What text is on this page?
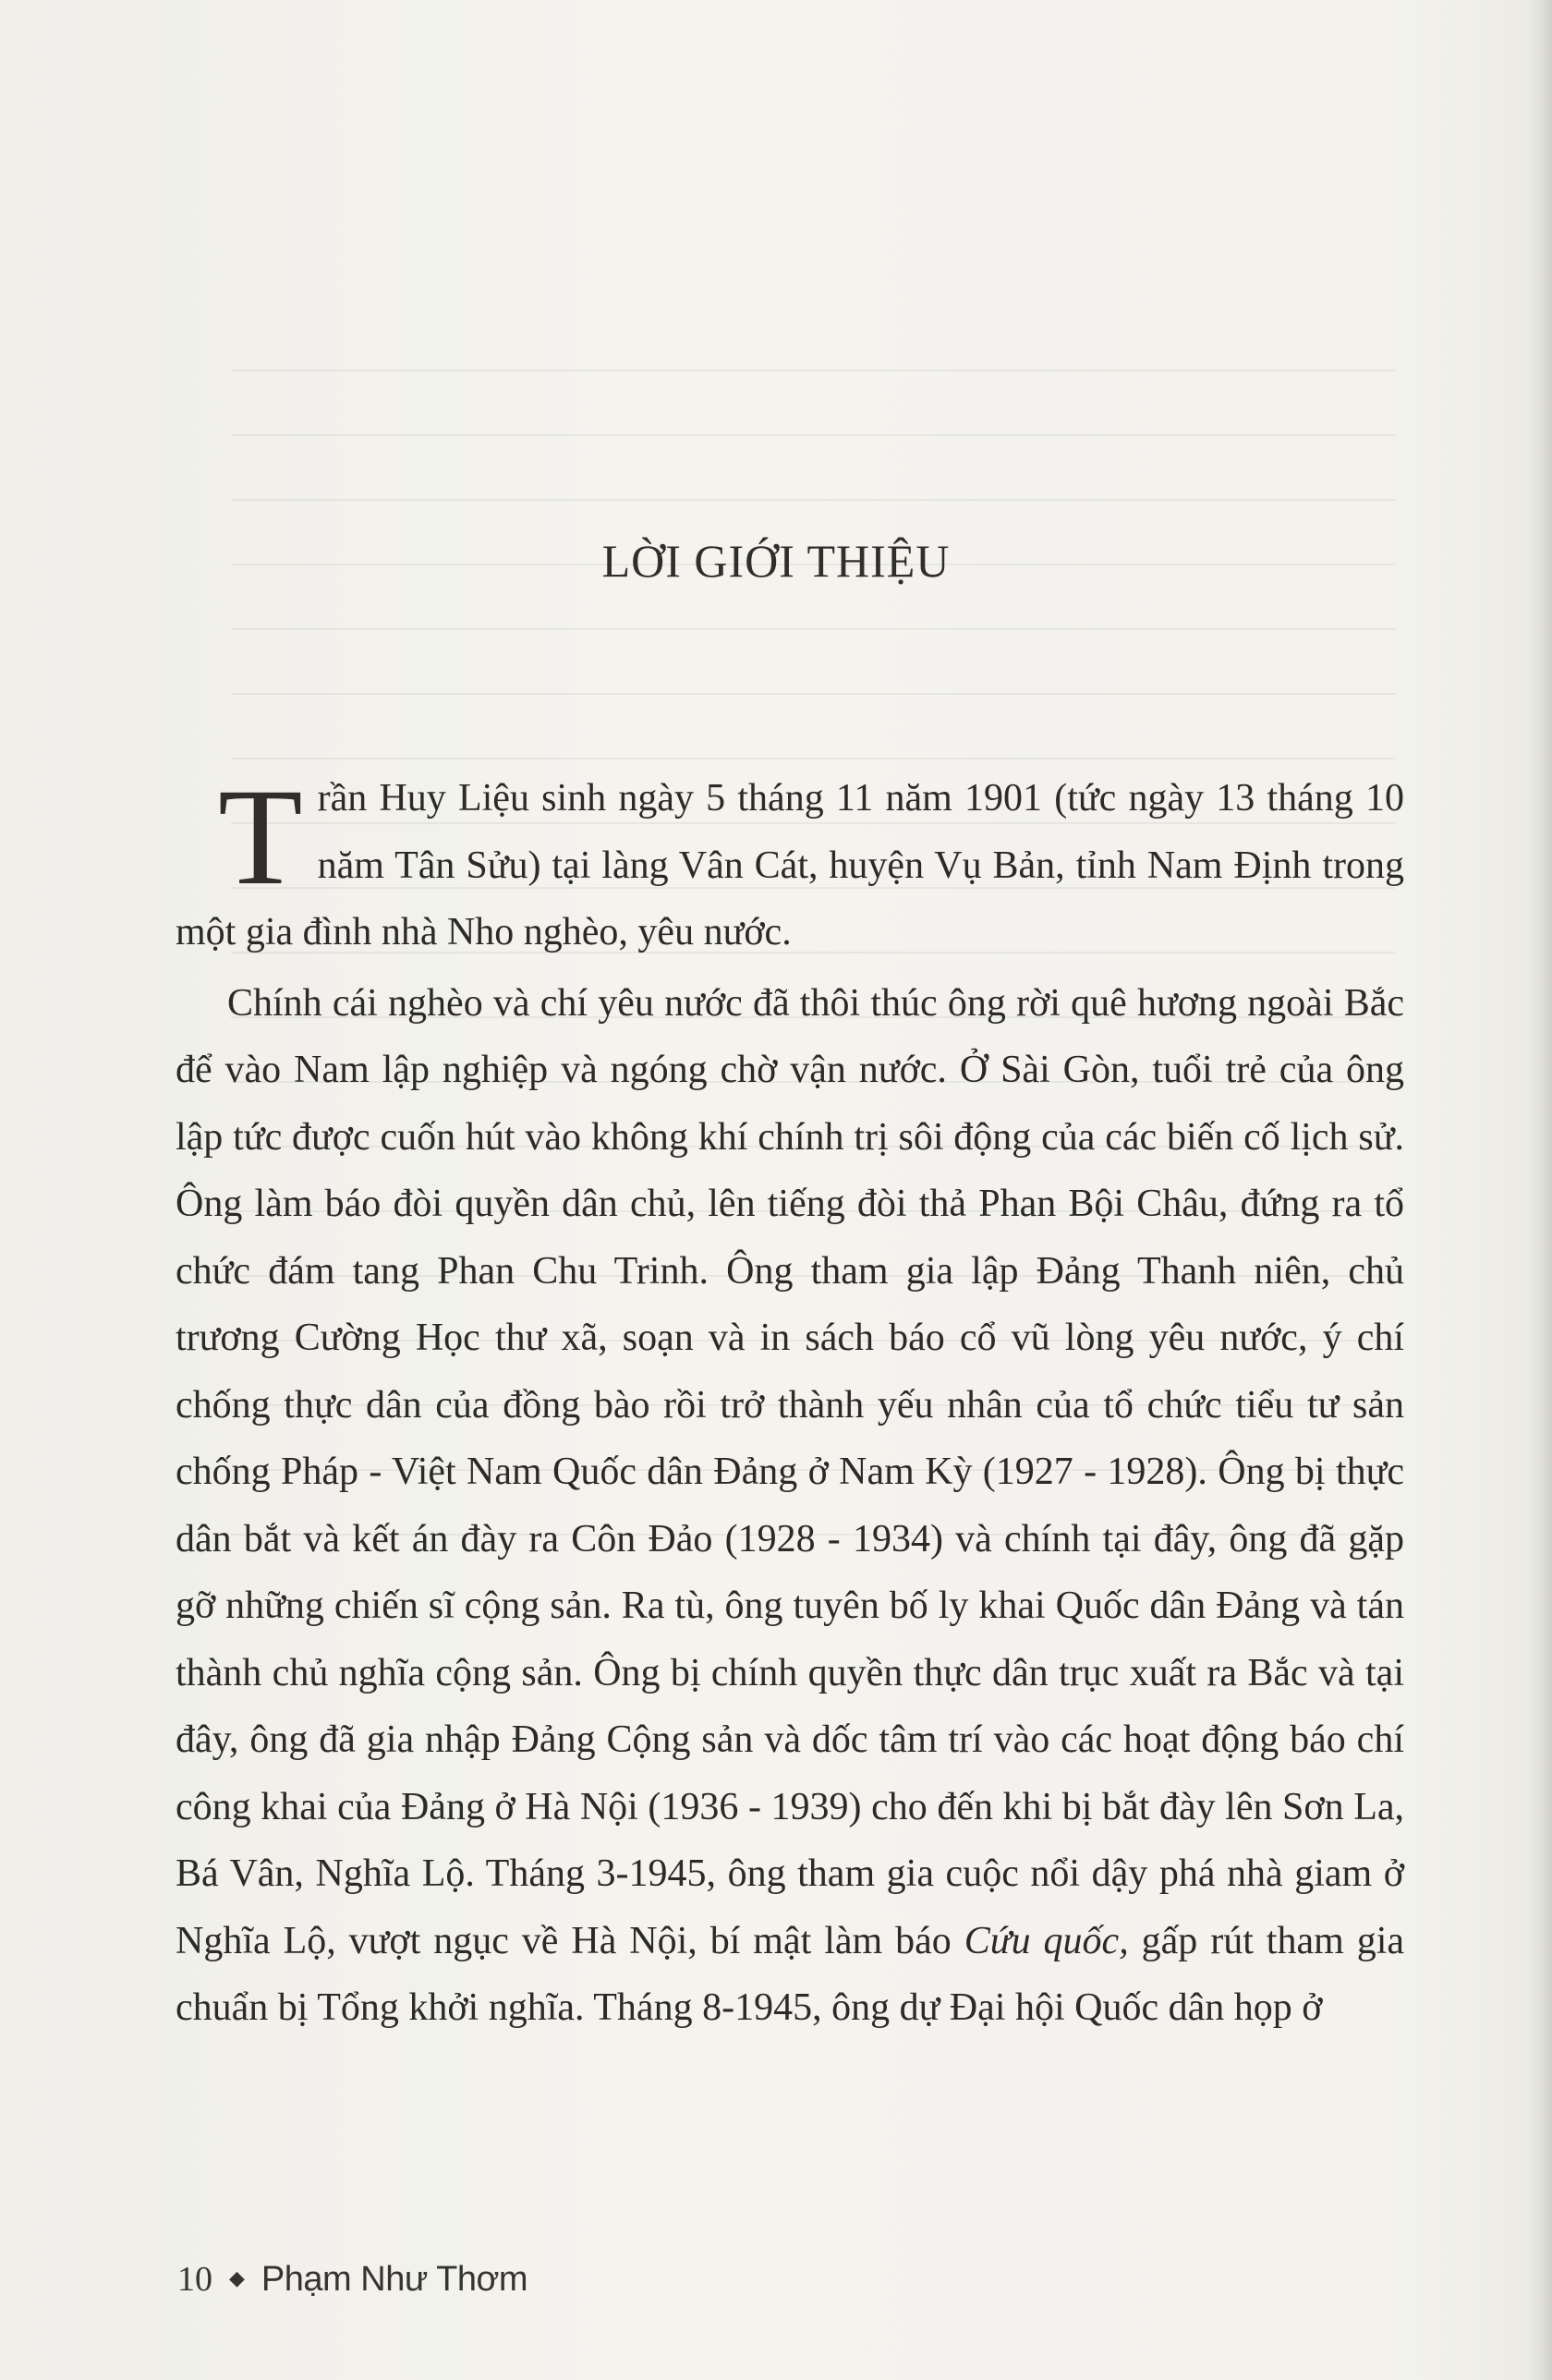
LỜI GIỚI THIỆU

Trần Huy Liệu sinh ngày 5 tháng 11 năm 1901 (tức ngày 13 tháng 10 năm Tân Sửu) tại làng Vân Cát, huyện Vụ Bản, tỉnh Nam Định trong một gia đình nhà Nho nghèo, yêu nước.

Chính cái nghèo và chí yêu nước đã thôi thúc ông rời quê hương ngoài Bắc để vào Nam lập nghiệp và ngóng chờ vận nước. Ở Sài Gòn, tuổi trẻ của ông lập tức được cuốn hút vào không khí chính trị sôi động của các biến cố lịch sử. Ông làm báo đòi quyền dân chủ, lên tiếng đòi thả Phan Bội Châu, đứng ra tổ chức đám tang Phan Chu Trinh. Ông tham gia lập Đảng Thanh niên, chủ trương Cường Học thư xã, soạn và in sách báo cổ vũ lòng yêu nước, ý chí chống thực dân của đồng bào rồi trở thành yếu nhân của tổ chức tiểu tư sản chống Pháp - Việt Nam Quốc dân Đảng ở Nam Kỳ (1927 - 1928). Ông bị thực dân bắt và kết án đày ra Côn Đảo (1928 - 1934) và chính tại đây, ông đã gặp gỡ những chiến sĩ cộng sản. Ra tù, ông tuyên bố ly khai Quốc dân Đảng và tán thành chủ nghĩa cộng sản. Ông bị chính quyền thực dân trục xuất ra Bắc và tại đây, ông đã gia nhập Đảng Cộng sản và dốc tâm trí vào các hoạt động báo chí công khai của Đảng ở Hà Nội (1936 - 1939) cho đến khi bị bắt đày lên Sơn La, Bá Vân, Nghĩa Lộ. Tháng 3-1945, ông tham gia cuộc nổi dậy phá nhà giam ở Nghĩa Lộ, vượt ngục về Hà Nội, bí mật làm báo Cứu quốc, gấp rút tham gia chuẩn bị Tổng khởi nghĩa. Tháng 8-1945, ông dự Đại hội Quốc dân họp ở

10 ◆ Phạm Như Thơm
